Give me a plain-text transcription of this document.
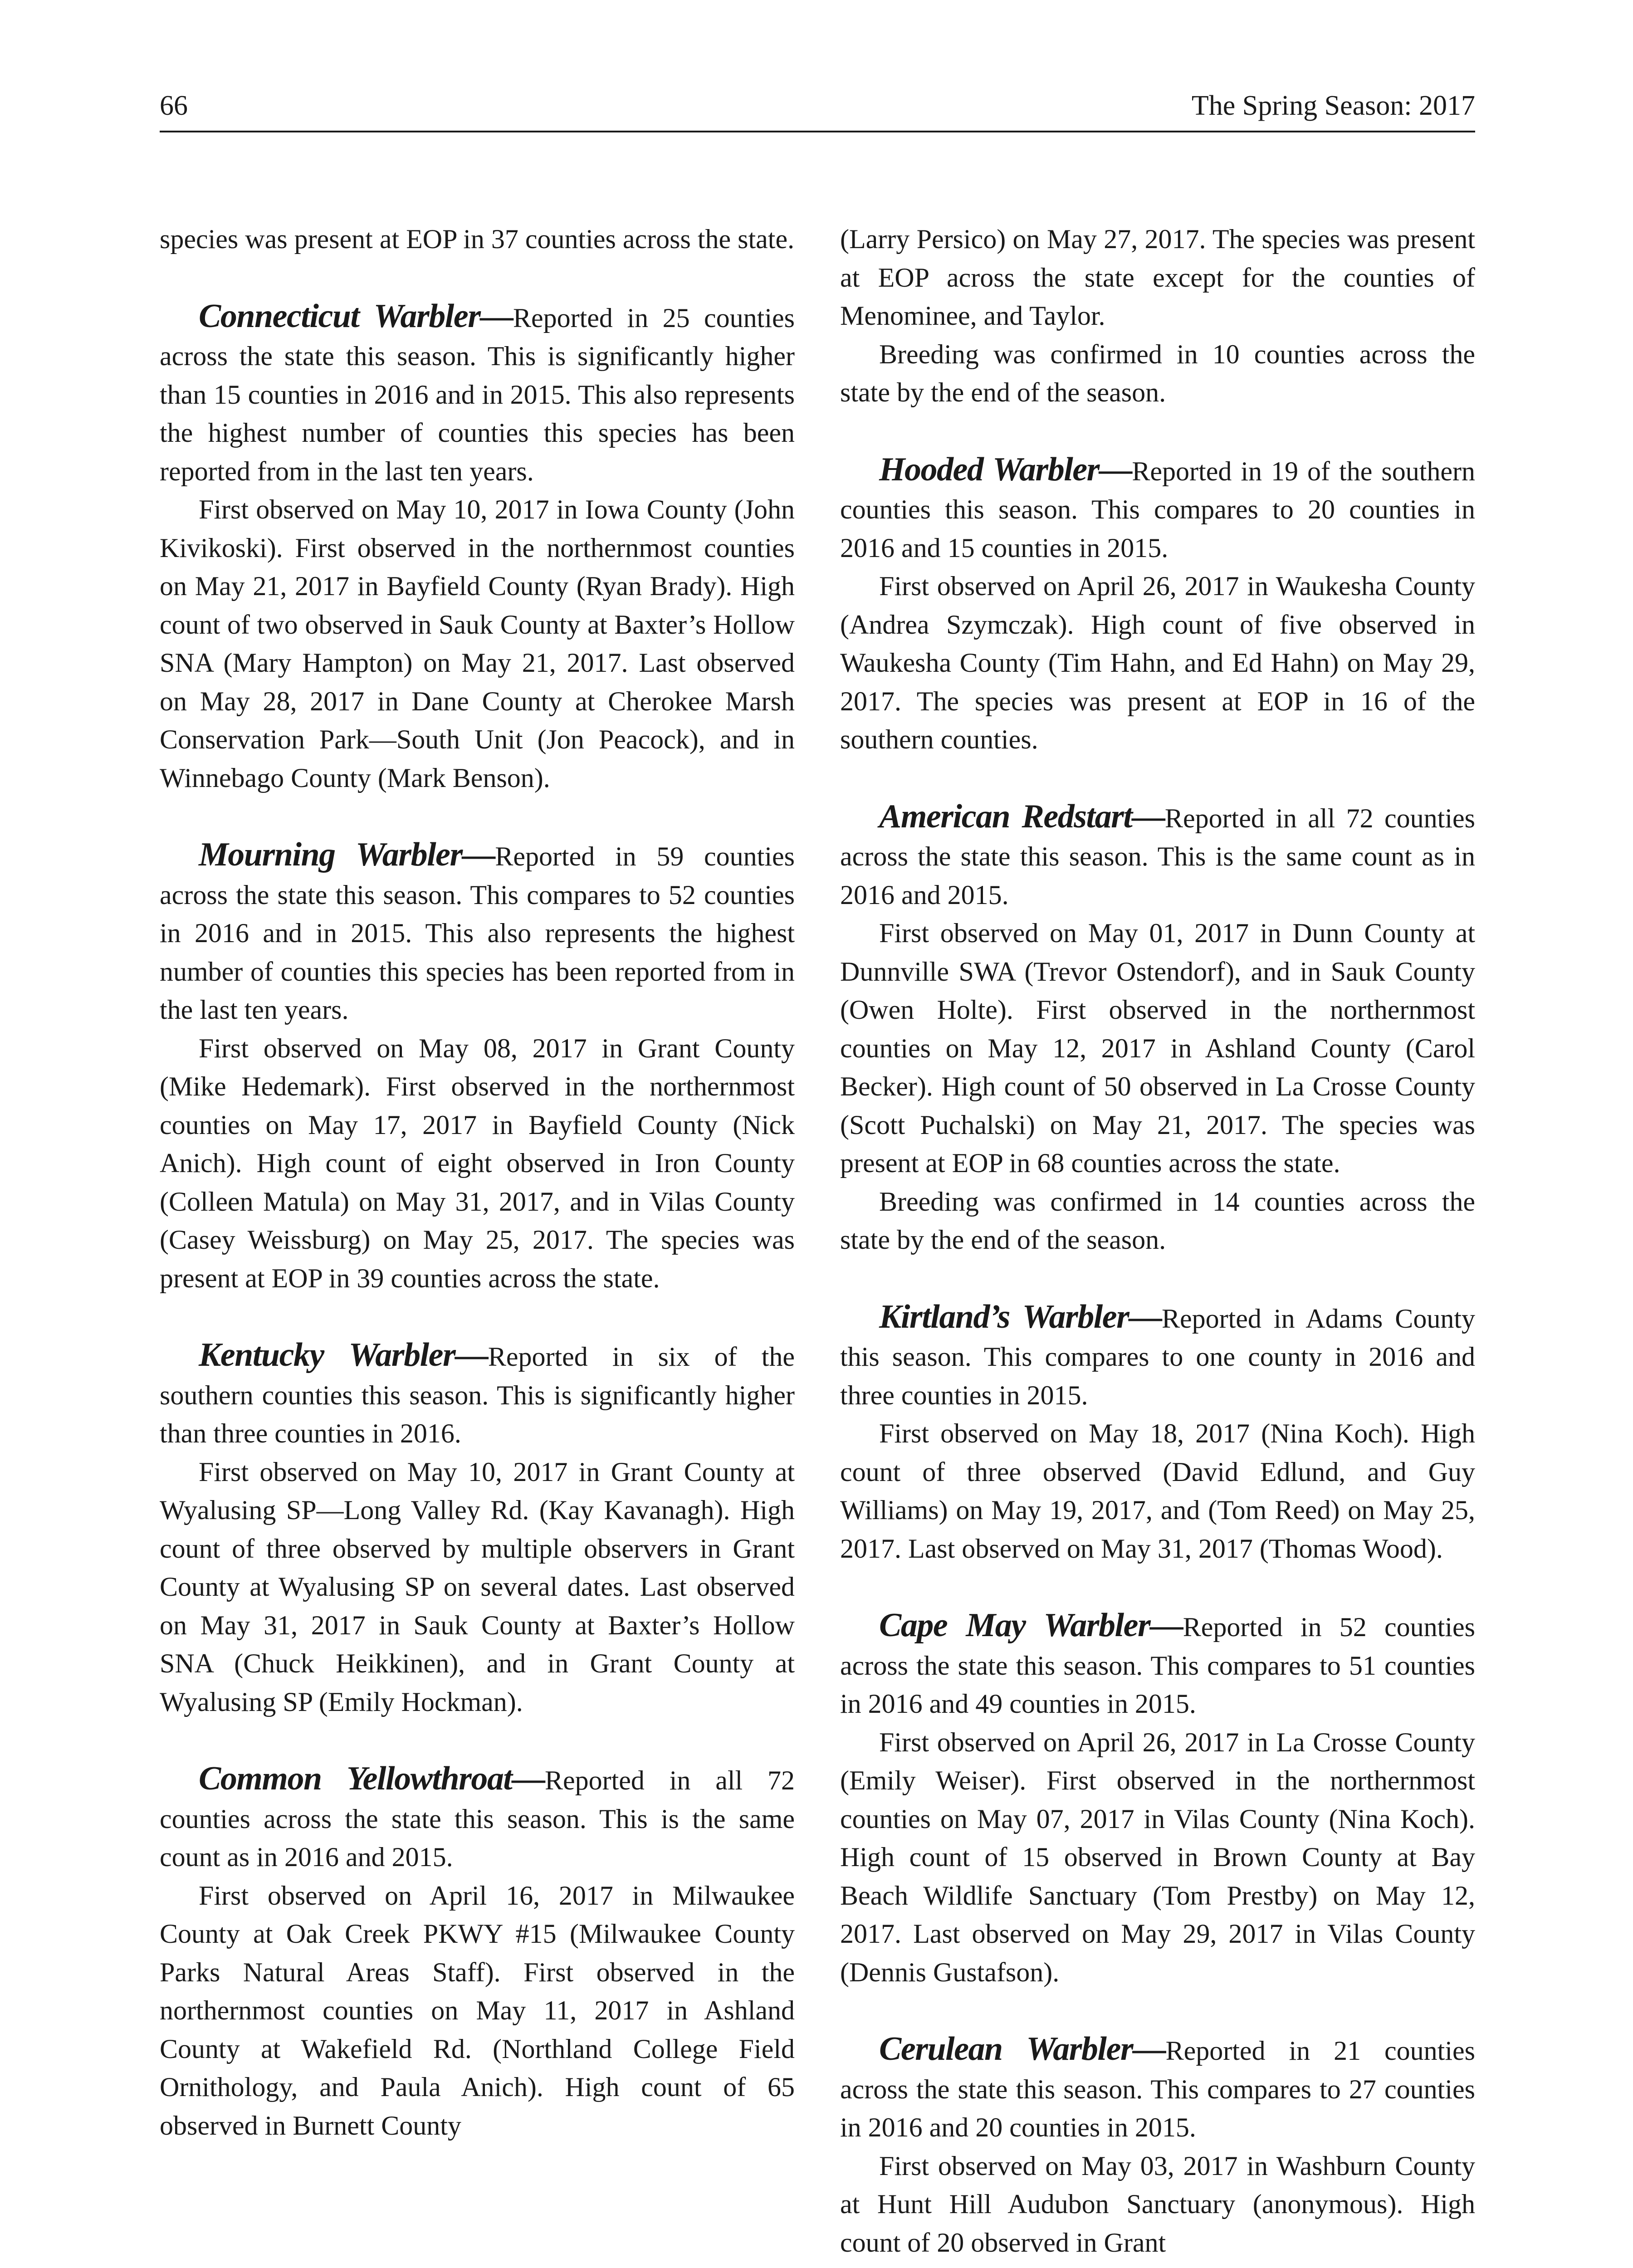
66	The Spring Season: 2017

species was present at EOP in 37 counties across the state.

Connecticut Warbler—Reported in 25 counties across the state this season. This is significantly higher than 15 counties in 2016 and in 2015. This also represents the highest number of counties this species has been reported from in the last ten years.

First observed on May 10, 2017 in Iowa County (John Kivikoski). First observed in the northernmost counties on May 21, 2017 in Bayfield County (Ryan Brady). High count of two observed in Sauk County at Baxter’s Hollow SNA (Mary Hampton) on May 21, 2017. Last observed on May 28, 2017 in Dane County at Cherokee Marsh Conservation Park—South Unit (Jon Peacock), and in Winnebago County (Mark Benson).

Mourning Warbler—Reported in 59 counties across the state this season. This compares to 52 counties in 2016 and in 2015. This also represents the highest number of counties this species has been reported from in the last ten years.

First observed on May 08, 2017 in Grant County (Mike Hedemark). First observed in the northernmost counties on May 17, 2017 in Bayfield County (Nick Anich). High count of eight observed in Iron County (Colleen Matula) on May 31, 2017, and in Vilas County (Casey Weissburg) on May 25, 2017. The species was present at EOP in 39 counties across the state.

Kentucky Warbler—Reported in six of the southern counties this season. This is significantly higher than three counties in 2016.

First observed on May 10, 2017 in Grant County at Wyalusing SP—Long Valley Rd. (Kay Kavanagh). High count of three observed by multiple observers in Grant County at Wyalusing SP on several dates. Last observed on May 31, 2017 in Sauk County at Baxter’s Hollow SNA (Chuck Heikkinen), and in Grant County at Wyalusing SP (Emily Hockman).

Common Yellowthroat—Reported in all 72 counties across the state this season. This is the same count as in 2016 and 2015.

First observed on April 16, 2017 in Milwaukee County at Oak Creek PKWY #15 (Milwaukee County Parks Natural Areas Staff). First observed in the northernmost counties on May 11, 2017 in Ashland County at Wakefield Rd. (Northland College Field Ornithology, and Paula Anich). High count of 65 observed in Burnett County

(Larry Persico) on May 27, 2017. The species was present at EOP across the state except for the counties of Menominee, and Taylor.

Breeding was confirmed in 10 counties across the state by the end of the season.

Hooded Warbler—Reported in 19 of the southern counties this season. This compares to 20 counties in 2016 and 15 counties in 2015.

First observed on April 26, 2017 in Waukesha County (Andrea Szymczak). High count of five observed in Waukesha County (Tim Hahn, and Ed Hahn) on May 29, 2017. The species was present at EOP in 16 of the southern counties.

American Redstart—Reported in all 72 counties across the state this season. This is the same count as in 2016 and 2015.

First observed on May 01, 2017 in Dunn County at Dunnville SWA (Trevor Ostendorf), and in Sauk County (Owen Holte). First observed in the northernmost counties on May 12, 2017 in Ashland County (Carol Becker). High count of 50 observed in La Crosse County (Scott Puchalski) on May 21, 2017. The species was present at EOP in 68 counties across the state.

Breeding was confirmed in 14 counties across the state by the end of the season.

Kirtland’s Warbler—Reported in Adams County this season. This compares to one county in 2016 and three counties in 2015.

First observed on May 18, 2017 (Nina Koch). High count of three observed (David Edlund, and Guy Williams) on May 19, 2017, and (Tom Reed) on May 25, 2017. Last observed on May 31, 2017 (Thomas Wood).

Cape May Warbler—Reported in 52 counties across the state this season. This compares to 51 counties in 2016 and 49 counties in 2015.

First observed on April 26, 2017 in La Crosse County (Emily Weiser). First observed in the northernmost counties on May 07, 2017 in Vilas County (Nina Koch). High count of 15 observed in Brown County at Bay Beach Wildlife Sanctuary (Tom Prestby) on May 12, 2017. Last observed on May 29, 2017 in Vilas County (Dennis Gustafson).

Cerulean Warbler—Reported in 21 counties across the state this season. This compares to 27 counties in 2016 and 20 counties in 2015.

First observed on May 03, 2017 in Washburn County at Hunt Hill Audubon Sanctuary (anonymous). High count of 20 observed in Grant
